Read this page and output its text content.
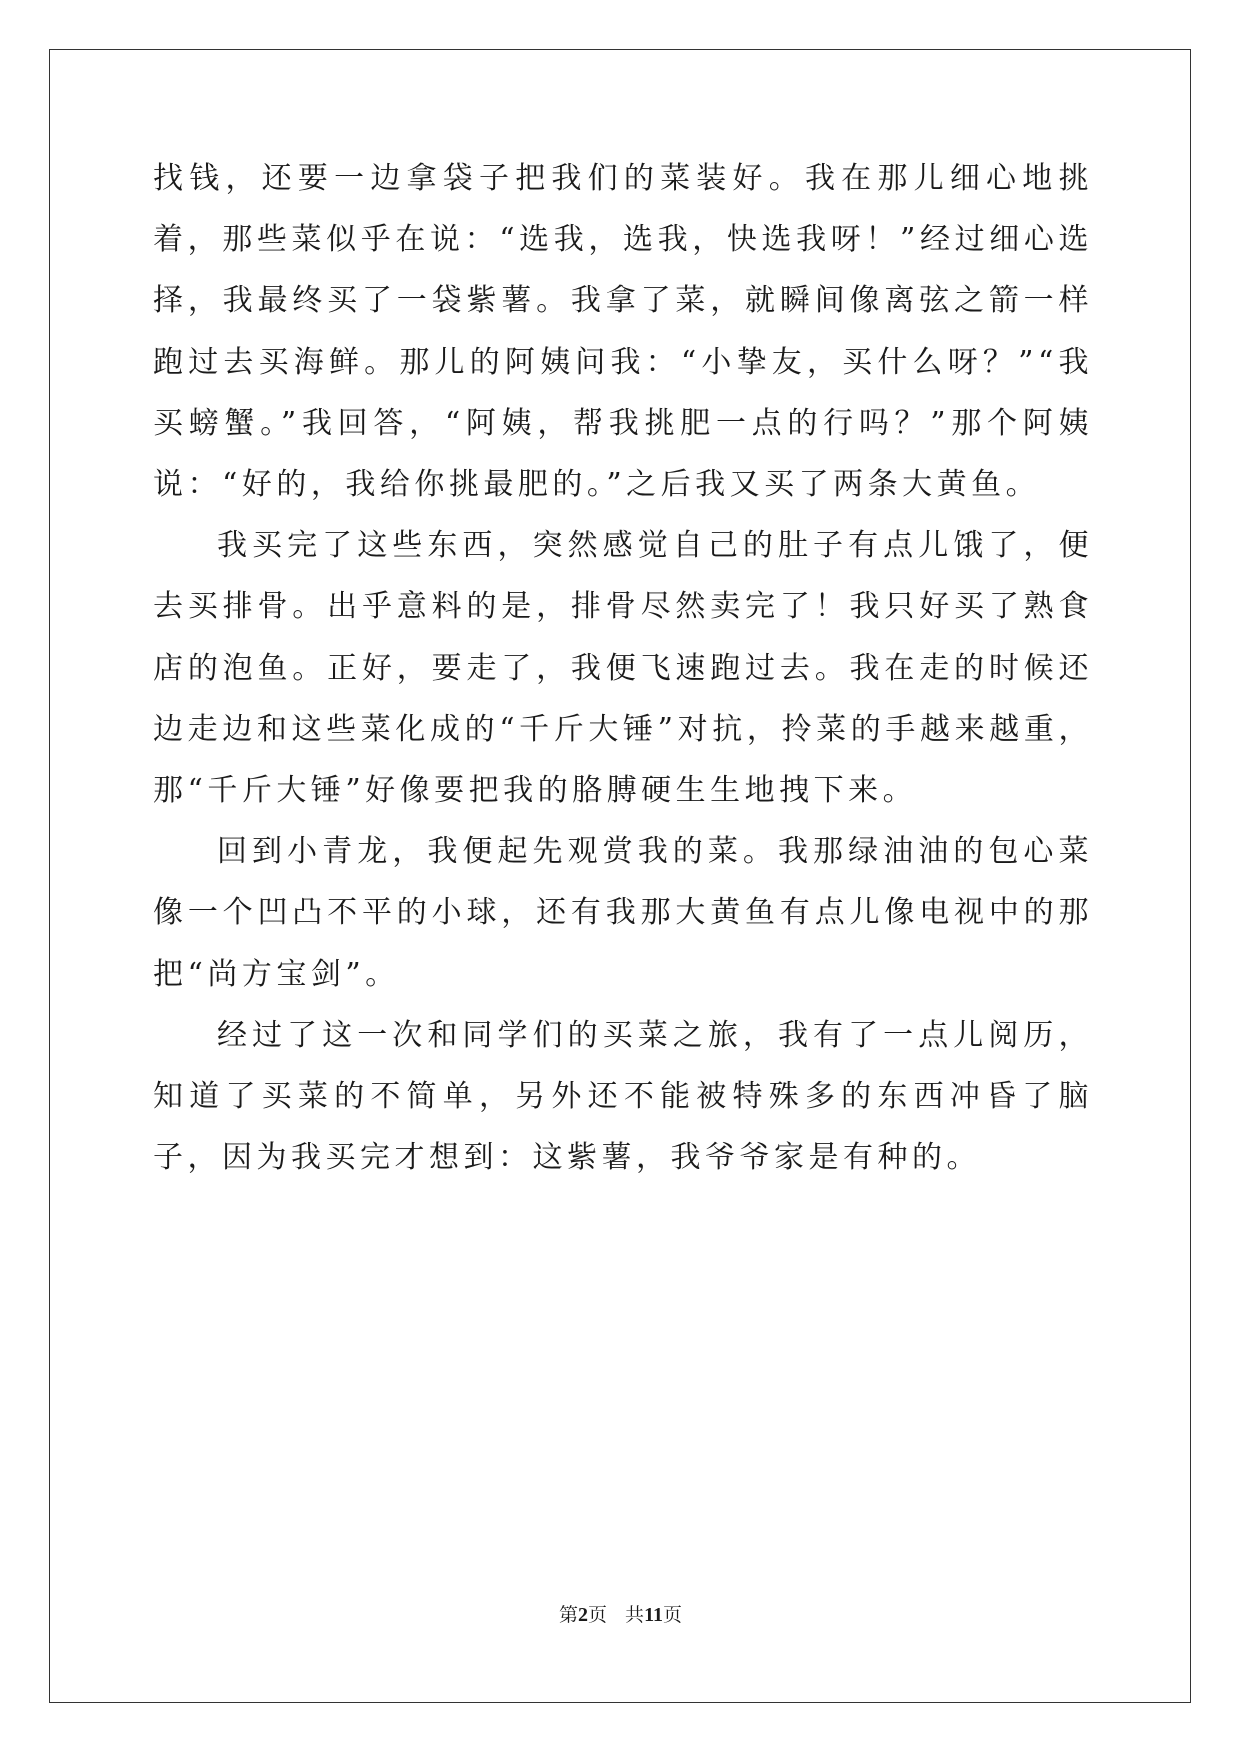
找钱，还要一边拿袋子把我们的菜装好。我在那儿细心地挑着，那些菜似乎在说：“选我，选我，快选我呀！”经过细心选择，我最终买了一袋紫薯。我拿了菜，就瞬间像离弦之箭一样跑过去买海鲜。那儿的阿姨问我：“小挚友，买什么呀？”“我买螃蟹。”我回答，“阿姨，帮我挑肥一点的行吗？”那个阿姨说：“好的，我给你挑最肥的。”之后我又买了两条大黄鱼。

我买完了这些东西，突然感觉自己的肚子有点儿饿了，便去买排骨。出乎意料的是，排骨尽然卖完了！我只好买了熟食店的泡鱼。正好，要走了，我便飞速跑过去。我在走的时候还边走边和这些菜化成的“千斤大锤”对抗，拎菜的手越来越重，那“千斤大锤”好像要把我的胳膊硬生生地拽下来。

回到小青龙，我便起先观赏我的菜。我那绿油油的包心菜像一个凹凸不平的小球，还有我那大黄鱼有点儿像电视中的那把“尚方宝剑”。

经过了这一次和同学们的买菜之旅，我有了一点儿阅历，知道了买菜的不简单，另外还不能被特殊多的东西冲昏了脑子，因为我买完才想到：这紫薯，我爷爷家是有种的。

第2页 共11页
